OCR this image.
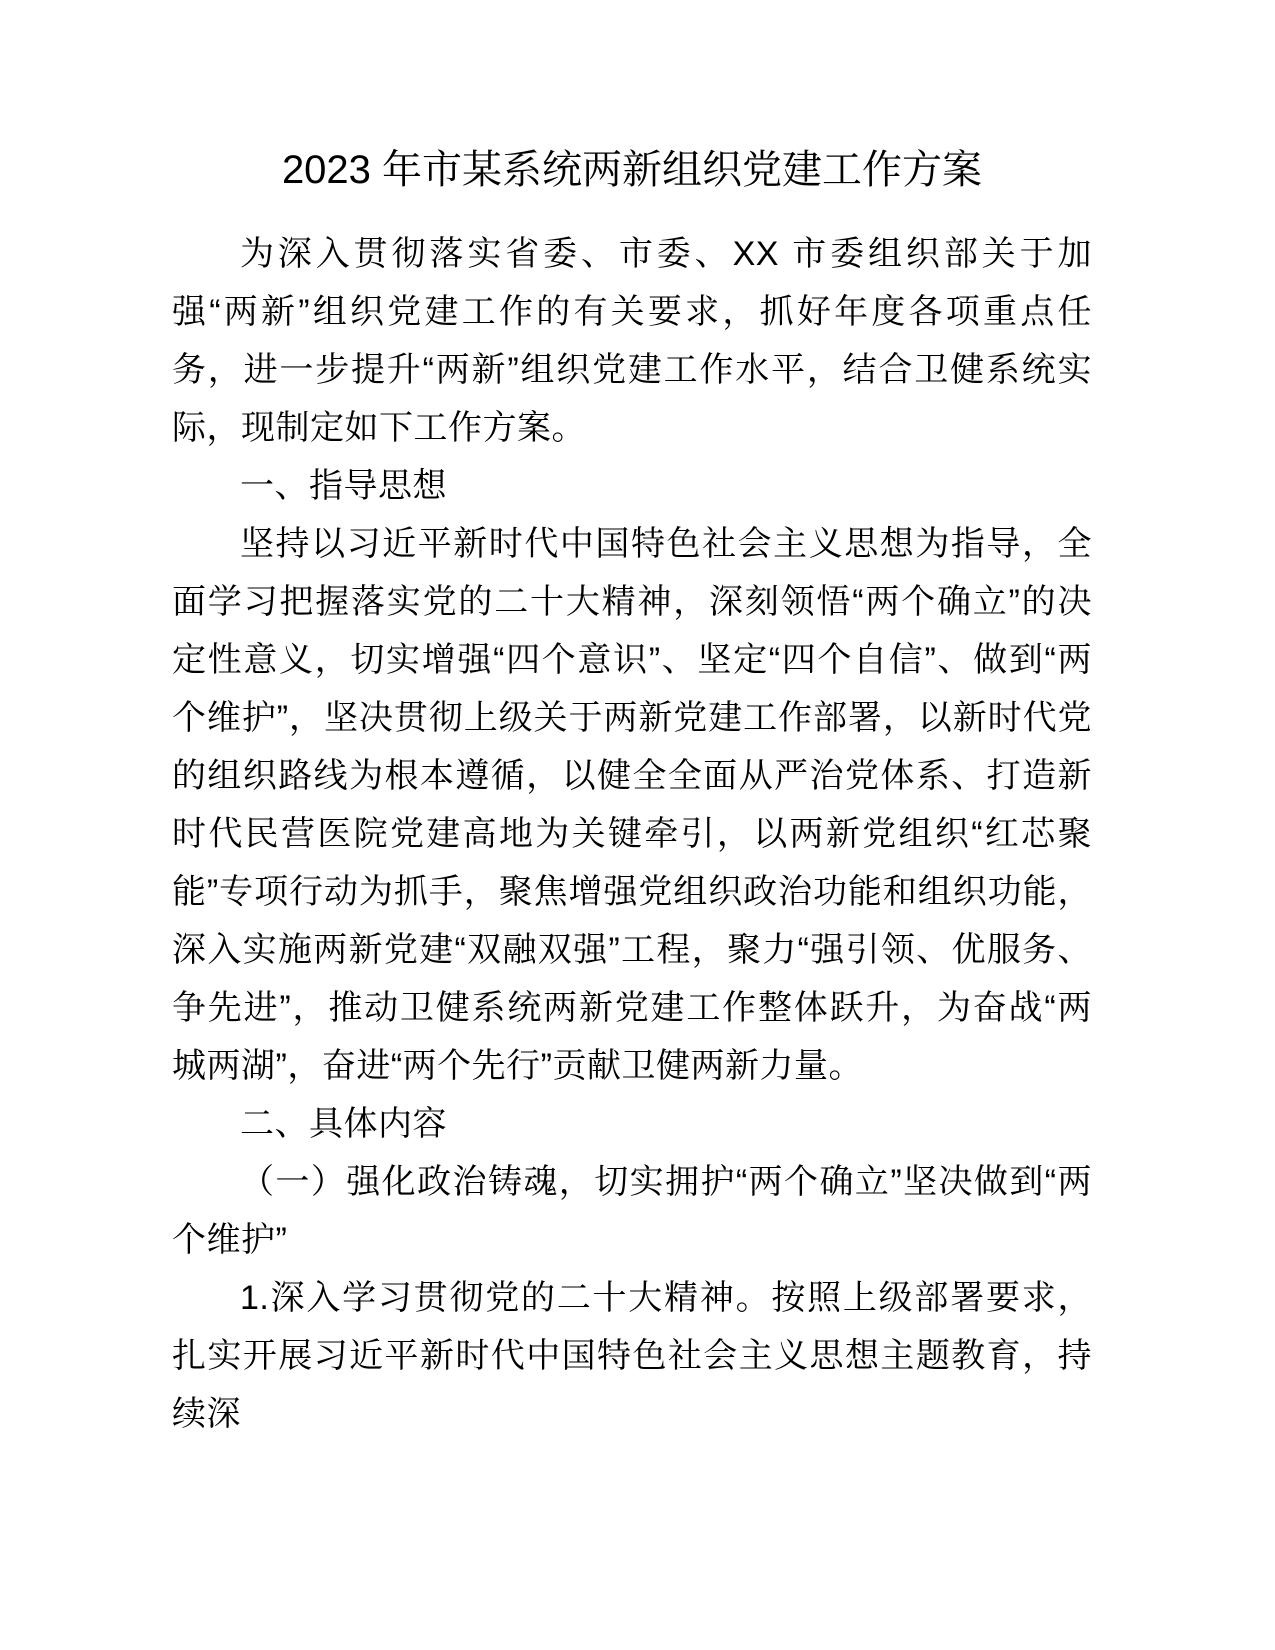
2023 年市某系统两新组织党建工作方案

为深入贯彻落实省委、市委、XX 市委组织部关于加强“两新”组织党建工作的有关要求，抓好年度各项重点任务，进一步提升“两新”组织党建工作水平，结合卫健系统实际，现制定如下工作方案。

一、指导思想

坚持以习近平新时代中国特色社会主义思想为指导，全面学习把握落实党的二十大精神，深刻领悟“两个确立”的决定性意义，切实增强“四个意识”、坚定“四个自信”、做到“两个维护”，坚决贯彻上级关于两新党建工作部署，以新时代党的组织路线为根本遵循，以健全全面从严治党体系、打造新时代民营医院党建高地为关键牵引，以两新党组织“红芯聚能”专项行动为抓手，聚焦增强党组织政治功能和组织功能，深入实施两新党建“双融双强”工程，聚力“强引领、优服务、争先进”，推动卫健系统两新党建工作整体跃升，为奋战“两城两湖”，奋进“两个先行”贡献卫健两新力量。

二、具体内容

（一）强化政治铸魂，切实拥护“两个确立”坚决做到“两个维护”

1.深入学习贯彻党的二十大精神。按照上级部署要求，扎实开展习近平新时代中国特色社会主义思想主题教育，持续深
